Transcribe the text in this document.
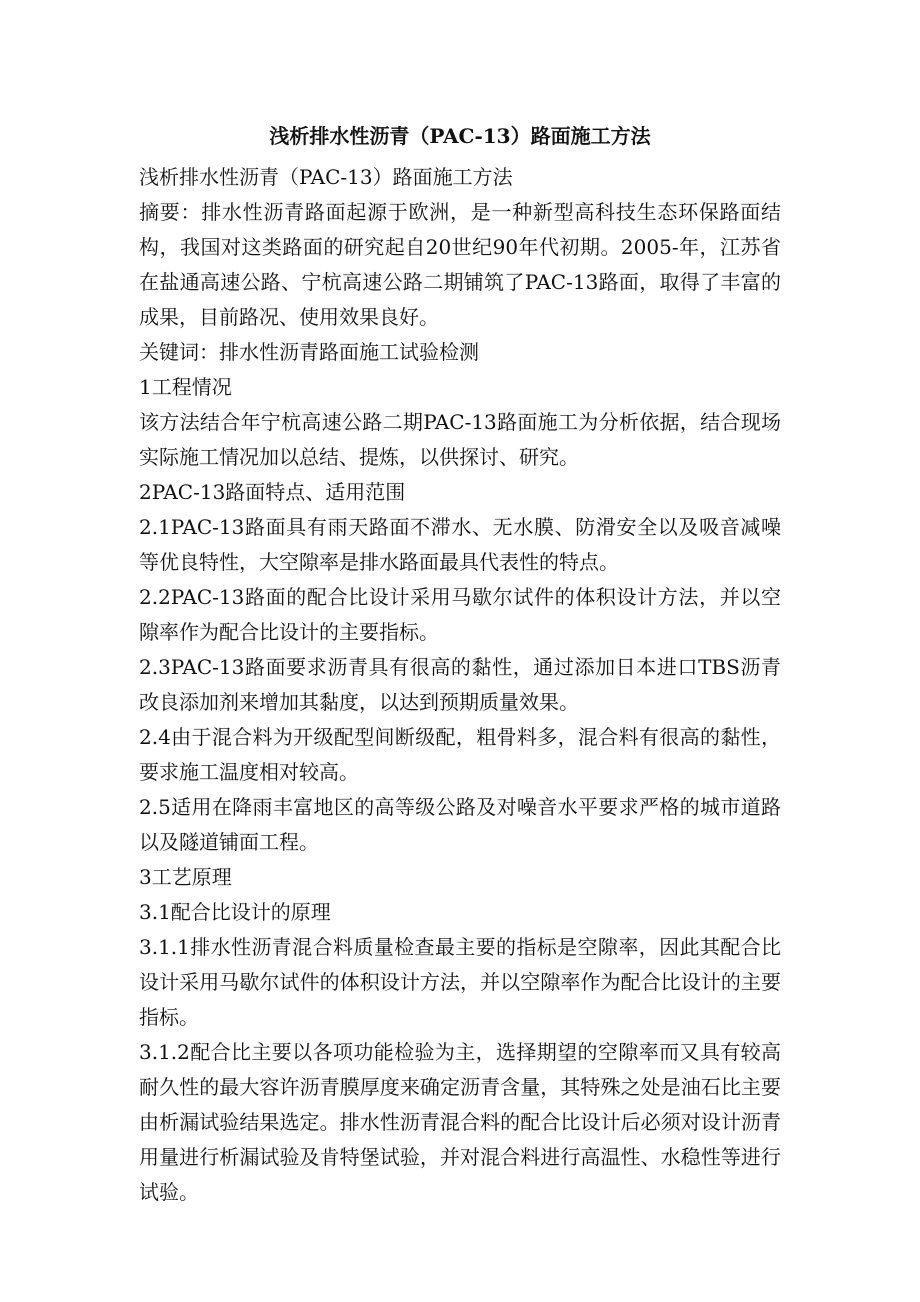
浅析排水性沥青（PAC-13）路面施工方法

浅析排水性沥青（PAC-13）路面施工方法

摘要：排水性沥青路面起源于欧洲，是一种新型高科技生态环保路面结构，我国对这类路面的研究起自20世纪90年代初期。2005-年，江苏省在盐通高速公路、宁杭高速公路二期铺筑了PAC-13路面，取得了丰富的成果，目前路况、使用效果良好。

关键词：排水性沥青路面施工试验检测

1工程情况

该方法结合年宁杭高速公路二期PAC-13路面施工为分析依据，结合现场实际施工情况加以总结、提炼，以供探讨、研究。

2PAC-13路面特点、适用范围

2.1PAC-13路面具有雨天路面不滞水、无水膜、防滑安全以及吸音减噪等优良特性，大空隙率是排水路面最具代表性的特点。

2.2PAC-13路面的配合比设计采用马歇尔试件的体积设计方法，并以空隙率作为配合比设计的主要指标。

2.3PAC-13路面要求沥青具有很高的黏性，通过添加日本进口TBS沥青改良添加剂来增加其黏度，以达到预期质量效果。

2.4由于混合料为开级配型间断级配，粗骨料多，混合料有很高的黏性，要求施工温度相对较高。

2.5适用在降雨丰富地区的高等级公路及对噪音水平要求严格的城市道路以及隧道铺面工程。

3工艺原理

3.1配合比设计的原理

3.1.1排水性沥青混合料质量检查最主要的指标是空隙率，因此其配合比设计采用马歇尔试件的体积设计方法，并以空隙率作为配合比设计的主要指标。

3.1.2配合比主要以各项功能检验为主，选择期望的空隙率而又具有较高耐久性的最大容许沥青膜厚度来确定沥青含量，其特殊之处是油石比主要由析漏试验结果选定。排水性沥青混合料的配合比设计后必须对设计沥青用量进行析漏试验及肯特堡试验，并对混合料进行高温性、水稳性等进行试验。
